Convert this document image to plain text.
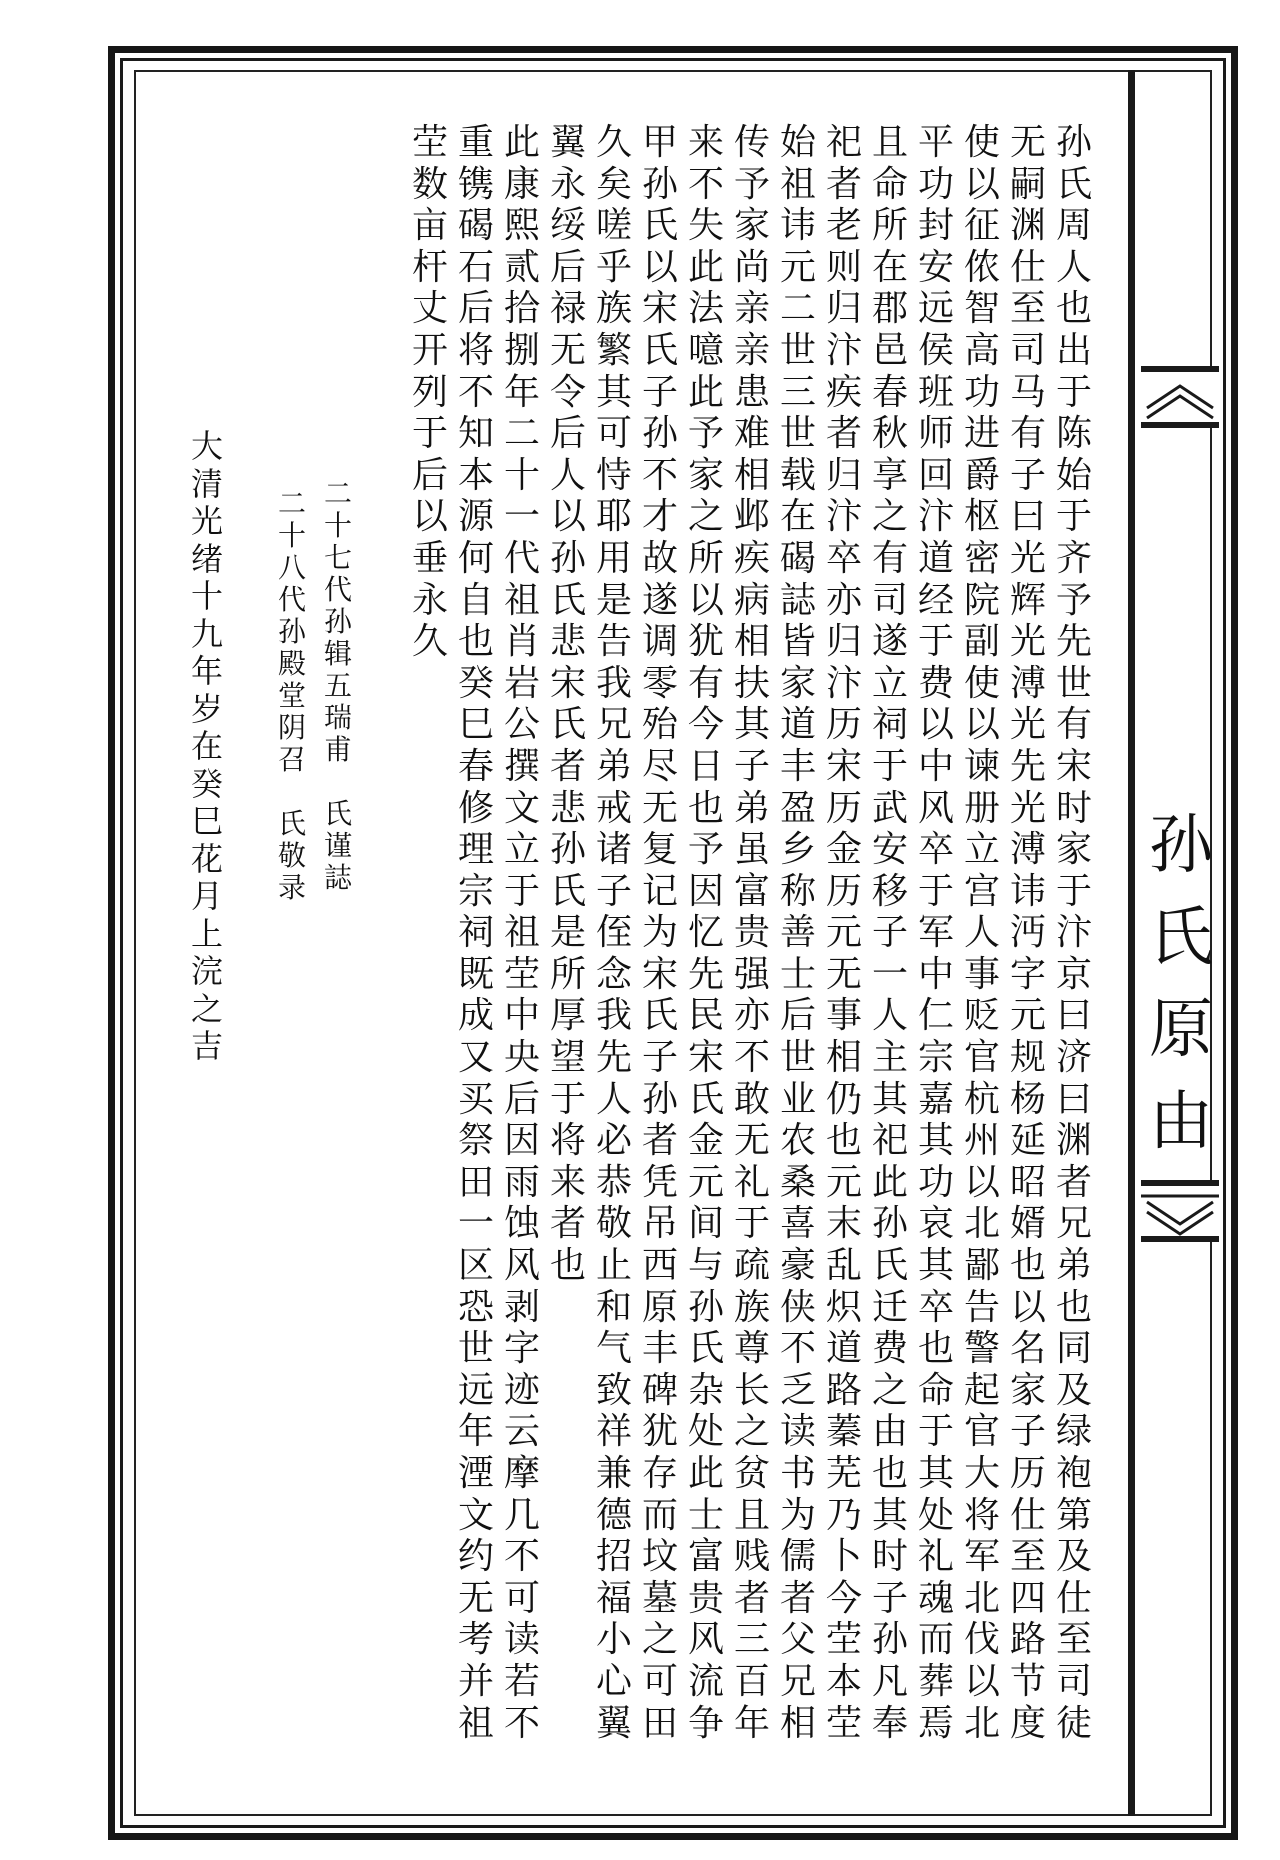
孙
氏
原
由
孙
氏
周
人
也
出
于
陈
始
于
齐
予
先
世
有
宋
时
家
于
汴
京
曰
济
曰
渊
者
兄
弟
也
同
及
绿
袍
第
及
仕
至
司
徒
无
嗣
渊
仕
至
司
马
有
子
曰
光
辉
光
溥
光
先
光
溥
讳
沔
字
元
规
杨
延
昭
婿
也
以
名
家
子
历
仕
至
四
路
节
度
使
以
征
侬
智
高
功
进
爵
枢
密
院
副
使
以
谏
册
立
宫
人
事
贬
官
杭
州
以
北
鄙
告
警
起
官
大
将
军
北
伐
以
北
平
功
封
安
远
侯
班
师
回
汴
道
经
于
费
以
中
风
卒
于
军
中
仁
宗
嘉
其
功
哀
其
卒
也
命
于
其
处
礼
魂
而
葬
焉
且
命
所
在
郡
邑
春
秋
享
之
有
司
遂
立
祠
于
武
安
移
子
一
人
主
其
祀
此
孙
氏
迁
费
之
由
也
其
时
子
孙
凡
奉
祀
者
老
则
归
汴
疾
者
归
汴
卒
亦
归
汴
历
宋
历
金
历
元
无
事
相
仍
也
元
末
乱
炽
道
路
蓁
芜
乃
卜
今
茔
本
茔
始
祖
讳
元
二
世
三
世
载
在
碣
誌
皆
家
道
丰
盈
乡
称
善
士
后
世
业
农
桑
喜
豪
侠
不
乏
读
书
为
儒
者
父
兄
相
传
予
家
尚
亲
亲
患
难
相
邺
疾
病
相
扶
其
子
弟
虽
富
贵
强
亦
不
敢
无
礼
于
疏
族
尊
长
之
贫
且
贱
者
三
百
年
来
不
失
此
法
噫
此
予
家
之
所
以
犹
有
今
日
也
予
因
忆
先
民
宋
氏
金
元
间
与
孙
氏
杂
处
此
士
富
贵
风
流
争
甲
孙
氏
以
宋
氏
子
孙
不
才
故
遂
调
零
殆
尽
无
复
记
为
宋
氏
子
孙
者
凭
吊
西
原
丰
碑
犹
存
而
坟
墓
之
可
田
久
矣
嗟
乎
族
繁
其
可
恃
耶
用
是
告
我
兄
弟
戒
诸
子
侄
念
我
先
人
必
恭
敬
止
和
气
致
祥
兼
德
招
福
小
心
翼
翼
永
绥
后
禄
无
令
后
人
以
孙
氏
悲
宋
氏
者
悲
孙
氏
是
所
厚
望
于
将
来
者
也
此
康
熙
贰
拾
捌
年
二
十
一
代
祖
肖
岩
公
撰
文
立
于
祖
茔
中
央
后
因
雨
蚀
风
剥
字
迹
云
摩
几
不
可
读
若
不
重
镌
碣
石
后
将
不
知
本
源
何
自
也
癸
巳
春
修
理
宗
祠
既
成
又
买
祭
田
一
区
恐
世
远
年
湮
文
约
无
考
并
祖
茔
数
亩
杆
丈
开
列
于
后
以
垂
永
久
二
十
七
代
孙
辑
五
瑞
甫
氏
谨
誌
二
十
八
代
孙
殿
堂
阴
召
氏
敬
录
大
清
光
绪
十
九
年
岁
在
癸
巳
花
月
上
浣
之
吉
